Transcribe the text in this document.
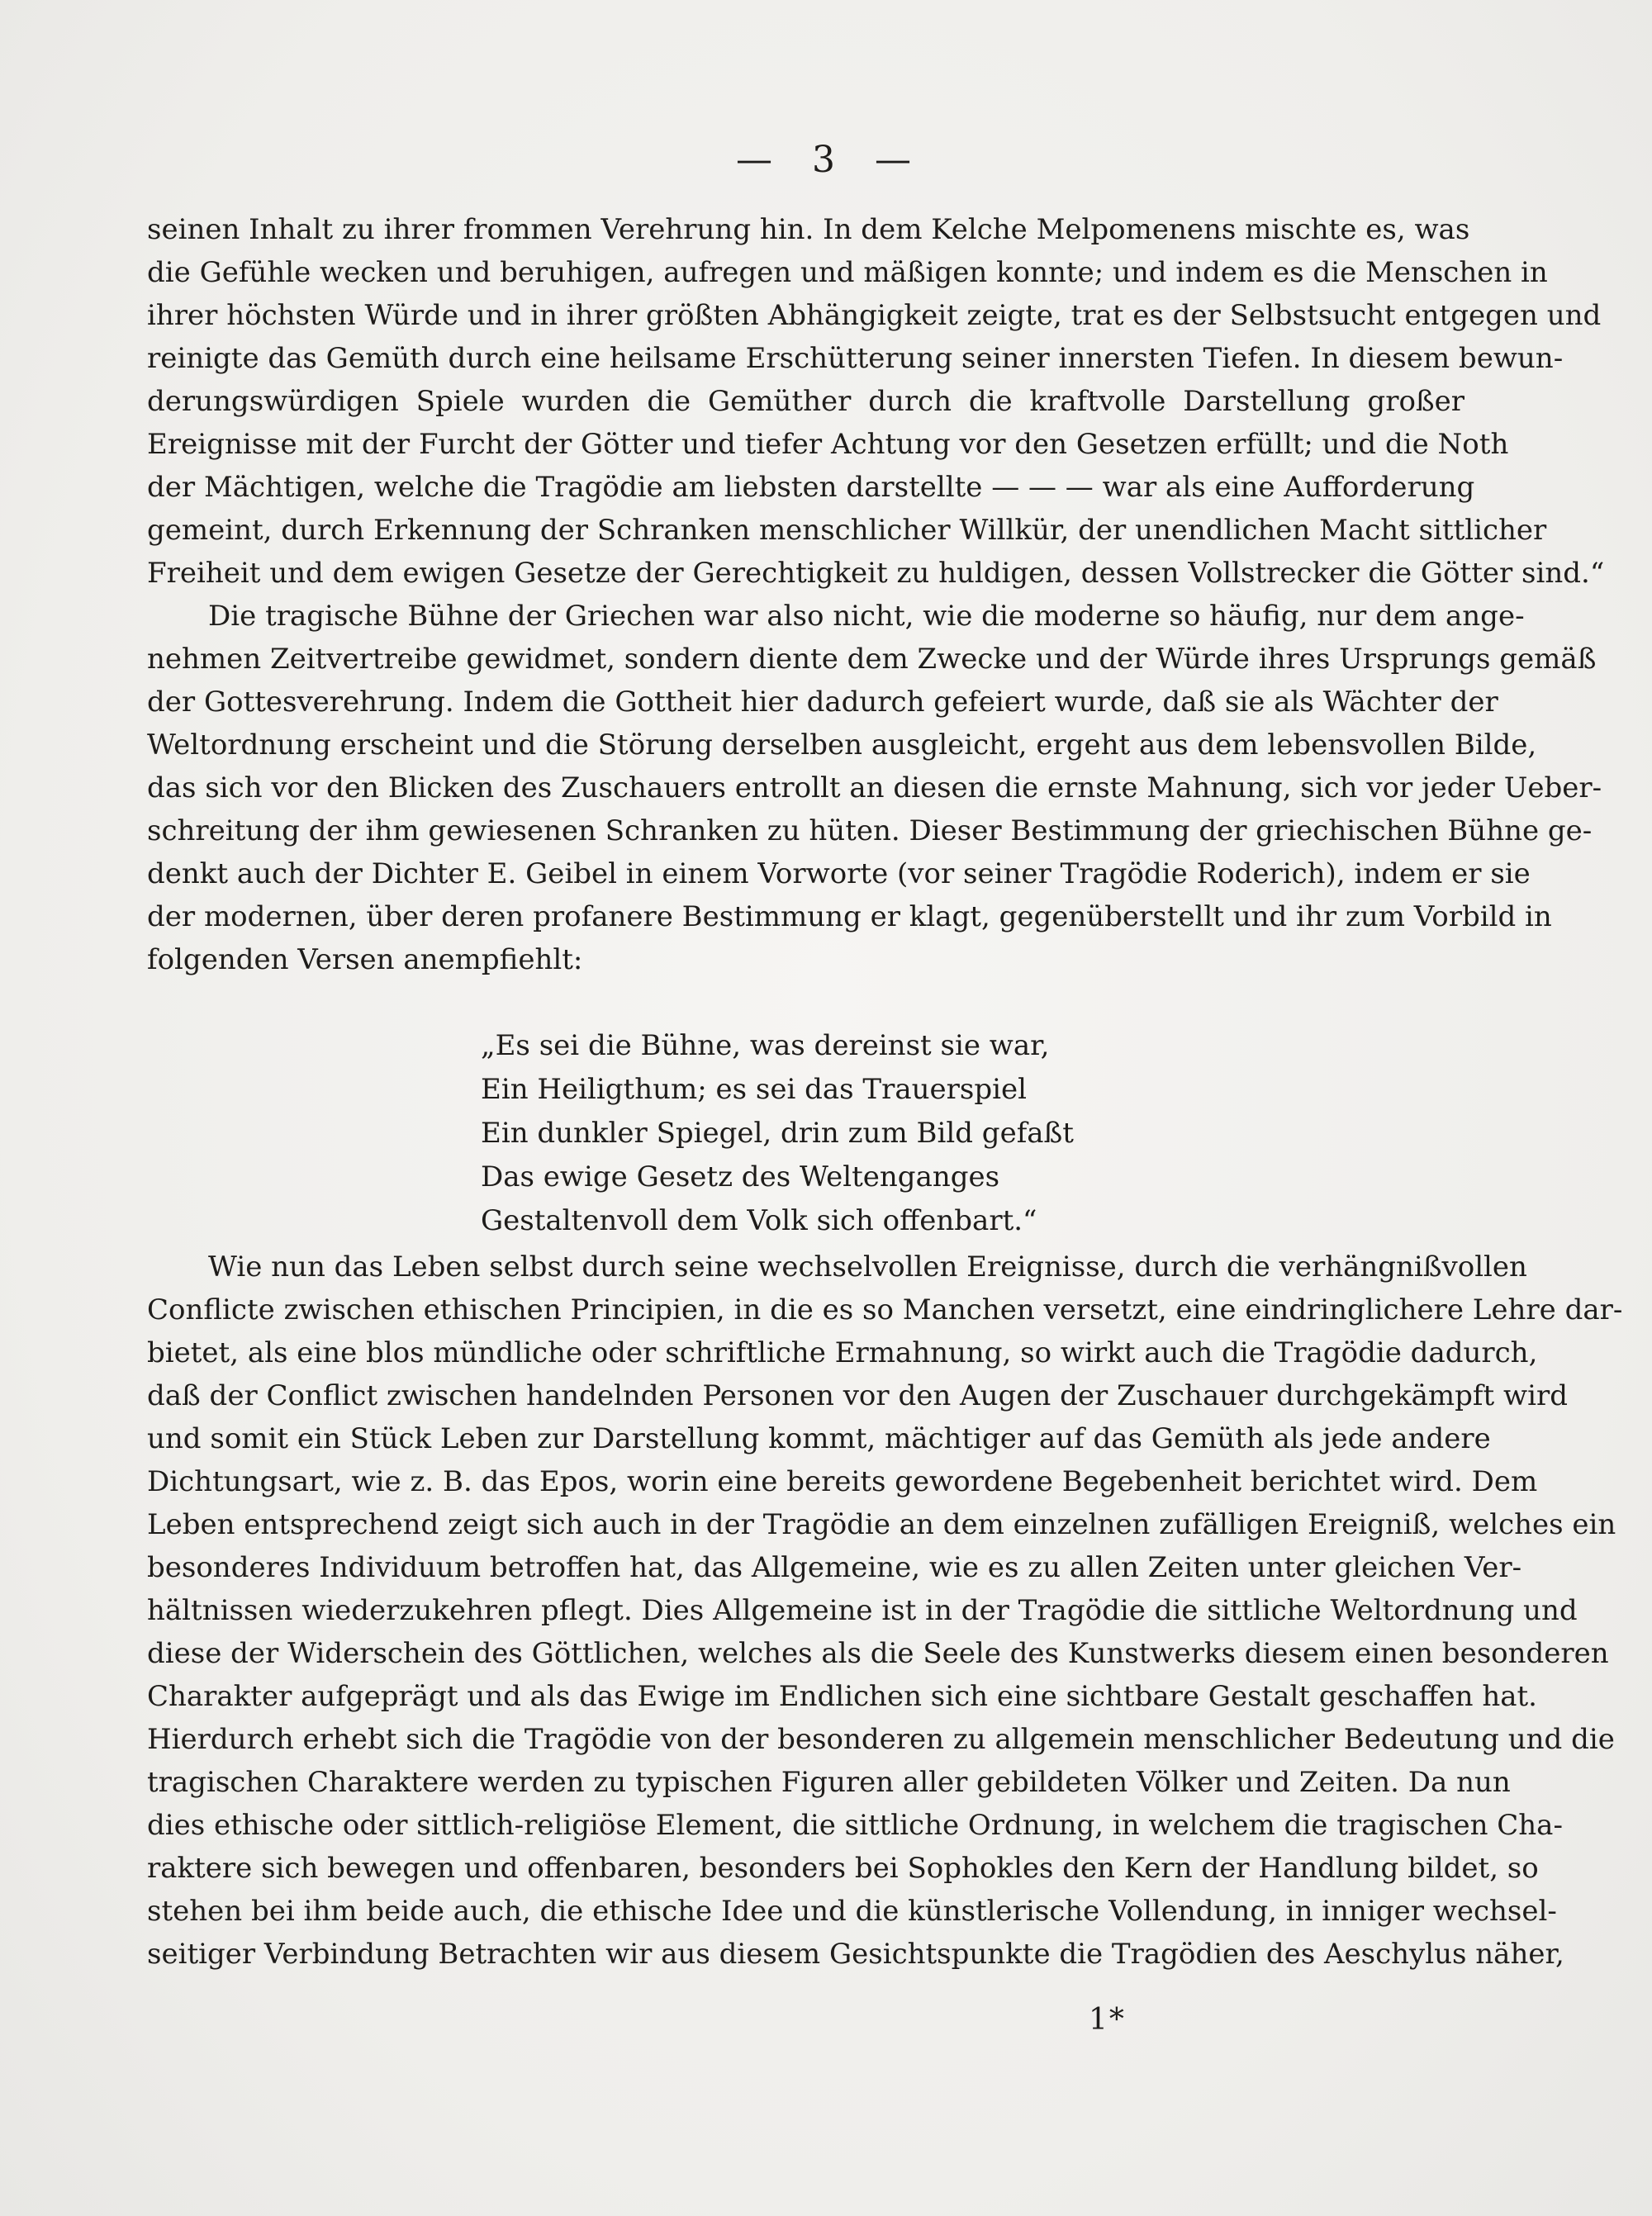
— 3 —
seinen Inhalt zu ihrer frommen Verehrung hin. In dem Kelche Melpomenens mischte es, was
die Gefühle wecken und beruhigen, aufregen und mäßigen konnte; und indem es die Menschen in
ihrer höchsten Würde und in ihrer größten Abhängigkeit zeigte, trat es der Selbstsucht entgegen und
reinigte das Gemüth durch eine heilsame Erschütterung seiner innersten Tiefen. In diesem bewun-
derungswürdigen Spiele wurden die Gemüther durch die kraftvolle Darstellung großer
Ereignisse mit der Furcht der Götter und tiefer Achtung vor den Gesetzen erfüllt; und die Noth
der Mächtigen, welche die Tragödie am liebsten darstellte — — — war als eine Aufforderung
gemeint, durch Erkennung der Schranken menschlicher Willkür, der unendlichen Macht sittlicher
Freiheit und dem ewigen Gesetze der Gerechtigkeit zu huldigen, dessen Vollstrecker die Götter sind.“
Die tragische Bühne der Griechen war also nicht, wie die moderne so häufig, nur dem ange-
nehmen Zeitvertreibe gewidmet, sondern diente dem Zwecke und der Würde ihres Ursprungs gemäß
der Gottesverehrung. Indem die Gottheit hier dadurch gefeiert wurde, daß sie als Wächter der
Weltordnung erscheint und die Störung derselben ausgleicht, ergeht aus dem lebensvollen Bilde,
das sich vor den Blicken des Zuschauers entrollt an diesen die ernste Mahnung, sich vor jeder Ueber-
schreitung der ihm gewiesenen Schranken zu hüten. Dieser Bestimmung der griechischen Bühne ge-
denkt auch der Dichter E. Geibel in einem Vorworte (vor seiner Tragödie Roderich), indem er sie
der modernen, über deren profanere Bestimmung er klagt, gegenüberstellt und ihr zum Vorbild in
folgenden Versen anempfiehlt:
„Es sei die Bühne, was dereinst sie war,
Ein Heiligthum; es sei das Trauerspiel
Ein dunkler Spiegel, drin zum Bild gefaßt
Das ewige Gesetz des Weltenganges
Gestaltenvoll dem Volk sich offenbart.“
Wie nun das Leben selbst durch seine wechselvollen Ereignisse, durch die verhängnißvollen
Conflicte zwischen ethischen Principien, in die es so Manchen versetzt, eine eindringlichere Lehre dar-
bietet, als eine blos mündliche oder schriftliche Ermahnung, so wirkt auch die Tragödie dadurch,
daß der Conflict zwischen handelnden Personen vor den Augen der Zuschauer durchgekämpft wird
und somit ein Stück Leben zur Darstellung kommt, mächtiger auf das Gemüth als jede andere
Dichtungsart, wie z. B. das Epos, worin eine bereits gewordene Begebenheit berichtet wird. Dem
Leben entsprechend zeigt sich auch in der Tragödie an dem einzelnen zufälligen Ereigniß, welches ein
besonderes Individuum betroffen hat, das Allgemeine, wie es zu allen Zeiten unter gleichen Ver-
hältnissen wiederzukehren pflegt. Dies Allgemeine ist in der Tragödie die sittliche Weltordnung und
diese der Widerschein des Göttlichen, welches als die Seele des Kunstwerks diesem einen besonderen
Charakter aufgeprägt und als das Ewige im Endlichen sich eine sichtbare Gestalt geschaffen hat.
Hierdurch erhebt sich die Tragödie von der besonderen zu allgemein menschlicher Bedeutung und die
tragischen Charaktere werden zu typischen Figuren aller gebildeten Völker und Zeiten. Da nun
dies ethische oder sittlich-religiöse Element, die sittliche Ordnung, in welchem die tragischen Cha-
raktere sich bewegen und offenbaren, besonders bei Sophokles den Kern der Handlung bildet, so
stehen bei ihm beide auch, die ethische Idee und die künstlerische Vollendung, in inniger wechsel-
seitiger Verbindung Betrachten wir aus diesem Gesichtspunkte die Tragödien des Aeschylus näher,
1*
